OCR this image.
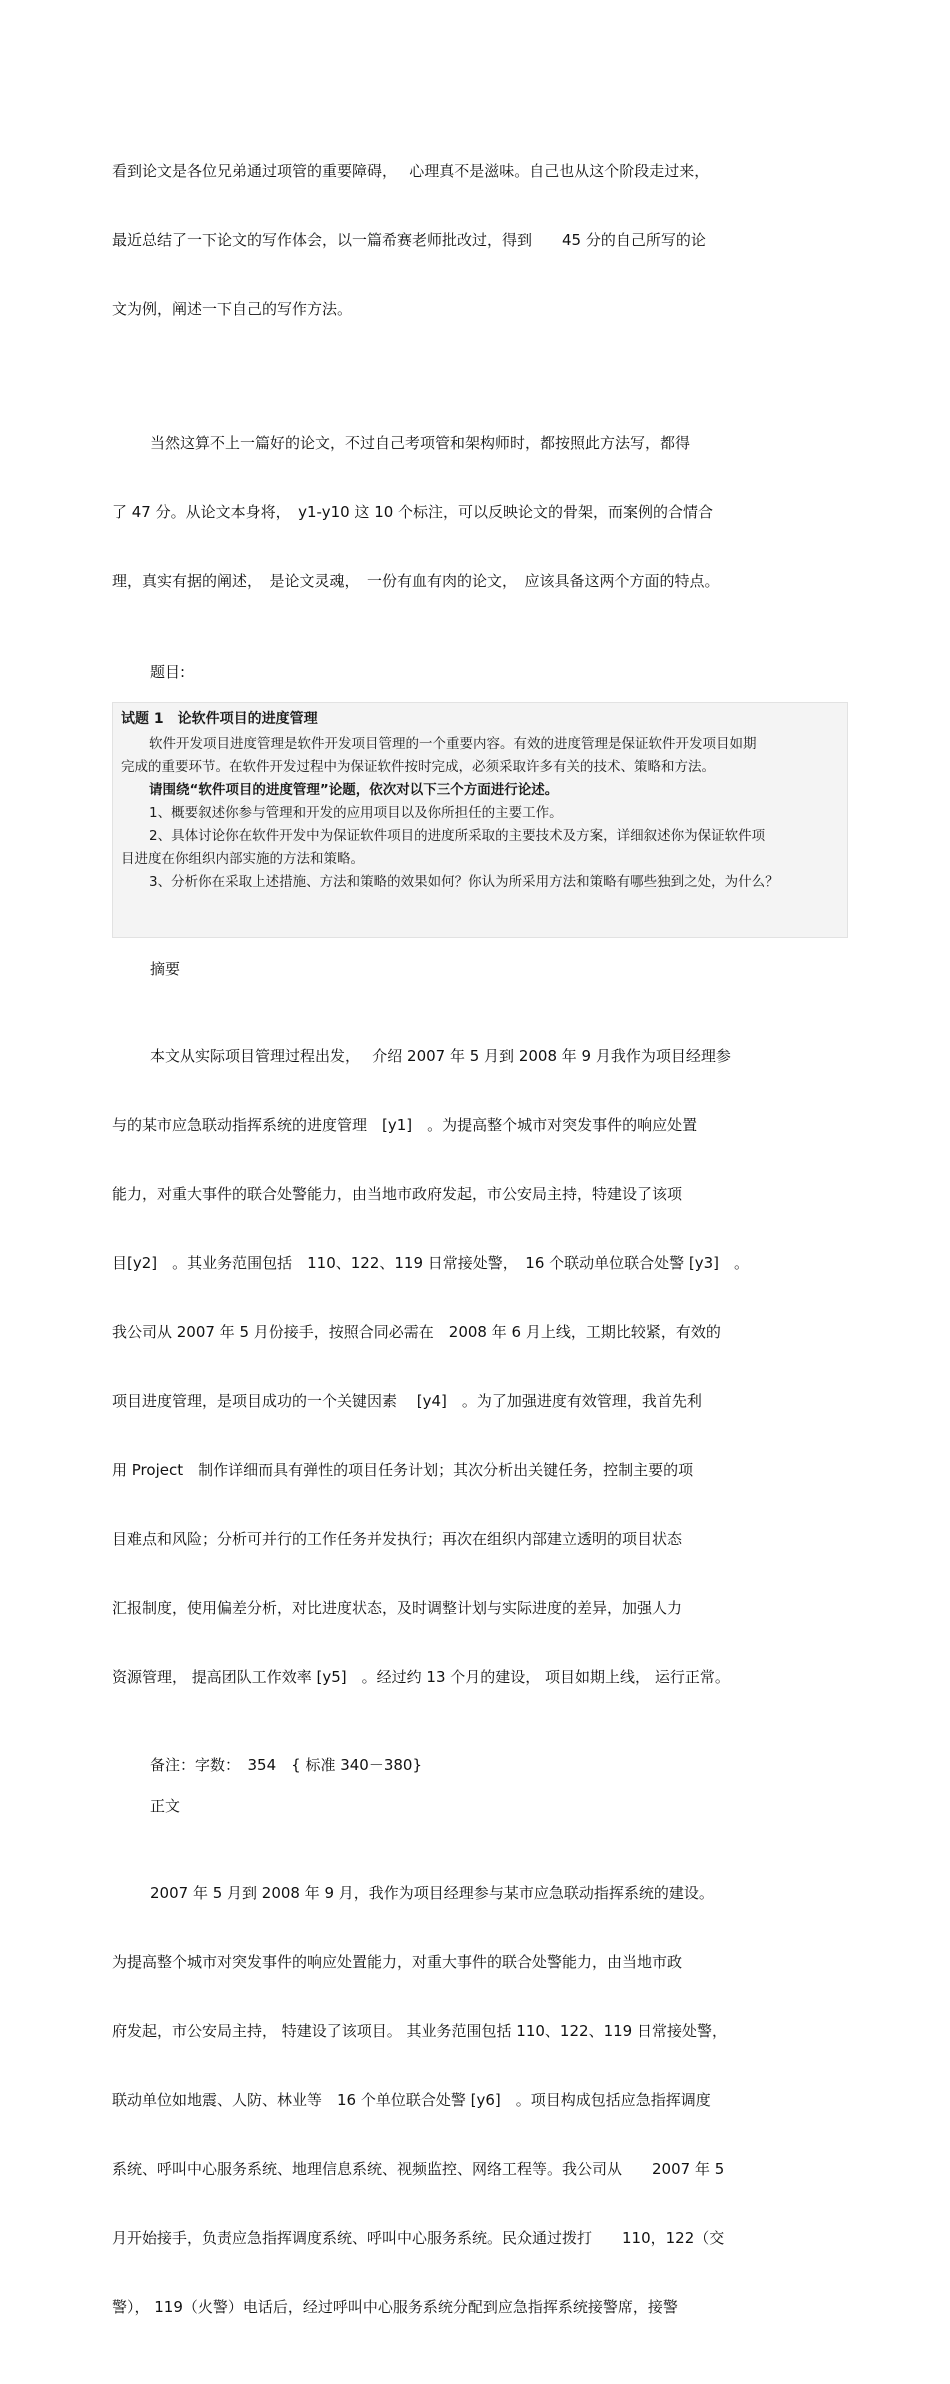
看到论文是各位兄弟通过项管的重要障碍，　 心理真不是滋味。自己也从这个阶段走过来，

最近总结了一下论文的写作体会，以一篇希赛老师批改过，得到　　45 分的自己所写的论

文为例，阐述一下自己的写作方法。

当然这算不上一篇好的论文，不过自己考项管和架构师时，都按照此方法写，都得

了 47 分。从论文本身将，　y1-y10 这 10 个标注，可以反映论文的骨架，而案例的合情合

理，真实有据的阐述，　是论文灵魂，　一份有血有肉的论文，　应该具备这两个方面的特点。

题目:
试题 1　论软件项目的进度管理
软件开发项目进度管理是软件开发项目管理的一个重要内容。有效的进度管理是保证软件开发项目如期
完成的重要环节。在软件开发过程中为保证软件按时完成，必须采取许多有关的技术、策略和方法。
请围绕“软件项目的进度管理”论题，依次对以下三个方面进行论述。
1、概要叙述你参与管理和开发的应用项目以及你所担任的主要工作。
2、具体讨论你在软件开发中为保证软件项目的进度所采取的主要技术及方案，详细叙述你为保证软件项
目进度在你组织内部实施的方法和策略。
3、分析你在采取上述措施、方法和策略的效果如何？你认为所采用方法和策略有哪些独到之处，为什么？
摘要

本文从实际项目管理过程出发，　 介绍 2007 年 5 月到 2008 年 9 月我作为项目经理参

与的某市应急联动指挥系统的进度管理　[y1]　。为提高整个城市对突发事件的响应处置

能力，对重大事件的联合处警能力，由当地市政府发起，市公安局主持，特建设了该项

目[y2]　。其业务范围包括　110、122、119 日常接处警，　16 个联动单位联合处警 [y3]　。

我公司从 2007 年 5 月份接手，按照合同必需在　2008 年 6 月上线，工期比较紧，有效的

项目进度管理，是项目成功的一个关键因素　 [y4]　。为了加强进度有效管理，我首先利

用 Project　制作详细而具有弹性的项目任务计划；其次分析出关键任务，控制主要的项

目难点和风险；分析可并行的工作任务并发执行；再次在组织内部建立透明的项目状态

汇报制度，使用偏差分析，对比进度状态，及时调整计划与实际进度的差异，加强人力

资源管理， 提高团队工作效率 [y5]　。经过约 13 个月的建设， 项目如期上线， 运行正常。

备注：字数：　354　{ 标准 340－380}
正文

2007 年 5 月到 2008 年 9 月，我作为项目经理参与某市应急联动指挥系统的建设。

为提高整个城市对突发事件的响应处置能力，对重大事件的联合处警能力，由当地市政

府发起，市公安局主持， 特建设了该项目。 其业务范围包括 110、122、119 日常接处警，

联动单位如地震、人防、林业等　16 个单位联合处警 [y6]　。项目构成包括应急指挥调度

系统、呼叫中心服务系统、地理信息系统、视频监控、网络工程等。我公司从　　2007 年 5

月开始接手，负责应急指挥调度系统、呼叫中心服务系统。民众通过拨打　　110，122（交

警）， 119（火警）电话后，经过呼叫中心服务系统分配到应急指挥系统接警席，接警
